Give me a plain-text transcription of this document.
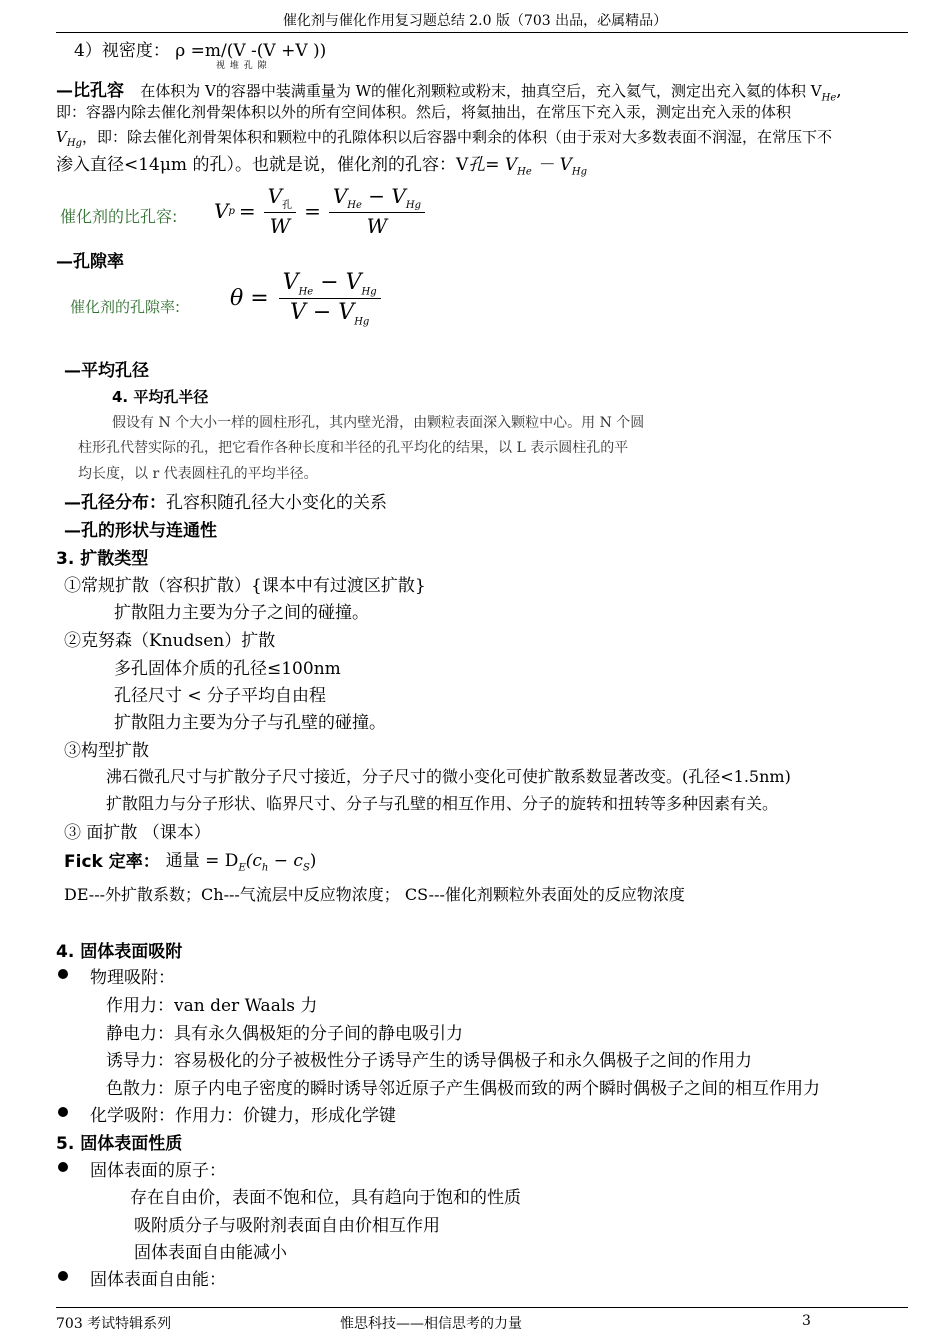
催化剂与催化作用复习题总结 2.0 版（703 出品，必属精品）
4）视密度： ρ =m/(V -(V +V ))
视 堆 孔 隙
—比孔容 在体积为 V的容器中装满重量为 W的催化剂颗粒或粉末，抽真空后，充入氦气，测定出充入氦的体积 $V_{He}$,
即：容器内除去催化剂骨架体积以外的所有空间体积。然后，将氦抽出，在常压下充入汞，测定出充入汞的体积
$V_{Hg}$，即：除去催化剂骨架体积和颗粒中的孔隙体积以后容器中剩余的体积（由于汞对大多数表面不润湿，在常压下不
渗入直径<14μm 的孔）。也就是说，催化剂的孔容：V孔= $V_{He} - V_{Hg}$
催化剂的比孔容: V $p = \frac{V_孔}{W} = \frac{V_{He} - V_{Hg}}{W}$
—孔隙率
催化剂的孔隙率: $\theta = \frac{V_{He} - V_{Hg}}{V - V_{Hg}}$
—平均孔径
4. 平均孔半径
假设有 N 个大小一样的圆柱形孔，其内壁光滑，由颗粒表面深入颗粒中心。用 N 个圆
柱形孔代替实际的孔，把它看作各种长度和半径的孔平均化的结果，以 L 表示圆柱孔的平
均长度，以 r 代表圆柱孔的平均半径。
—孔径分布：孔容积随孔径大小变化的关系
—孔的形状与连通性
3. 扩散类型
①常规扩散（容积扩散）{课本中有过渡区扩散}
扩散阻力主要为分子之间的碰撞。
②克努森（Knudsen）扩散
多孔固体介质的孔径≤100nm
孔径尺寸 < 分子平均自由程
扩散阻力主要为分子与孔壁的碰撞。
③构型扩散
沸石微孔尺寸与扩散分子尺寸接近，分子尺寸的微小变化可使扩散系数显著改变。(孔径<1.5nm)
扩散阻力与分子形状、临界尺寸、分子与孔壁的相互作用、分子的旋转和扭转等多种因素有关。
③ 面扩散 （课本）
Fick 定率： 通量 = $D_E(c_h - c_S)$
DE---外扩散系数；Ch---气流层中反应物浓度； CS---催化剂颗粒外表面处的反应物浓度
4. 固体表面吸附
物理吸附：
作用力：van der Waals 力
静电力：具有永久偶极矩的分子间的静电吸引力
诱导力：容易极化的分子被极性分子诱导产生的诱导偶极子和永久偶极子之间的作用力
色散力：原子内电子密度的瞬时诱导邻近原子产生偶极而致的两个瞬时偶极子之间的相互作用力
化学吸附：作用力：价键力，形成化学键
5. 固体表面性质
固体表面的原子：
存在自由价，表面不饱和位，具有趋向于饱和的性质
吸附质分子与吸附剂表面自由价相互作用
固体表面自由能减小
固体表面自由能：
703 考试特辑系列	惟思科技——相信思考的力量	3
